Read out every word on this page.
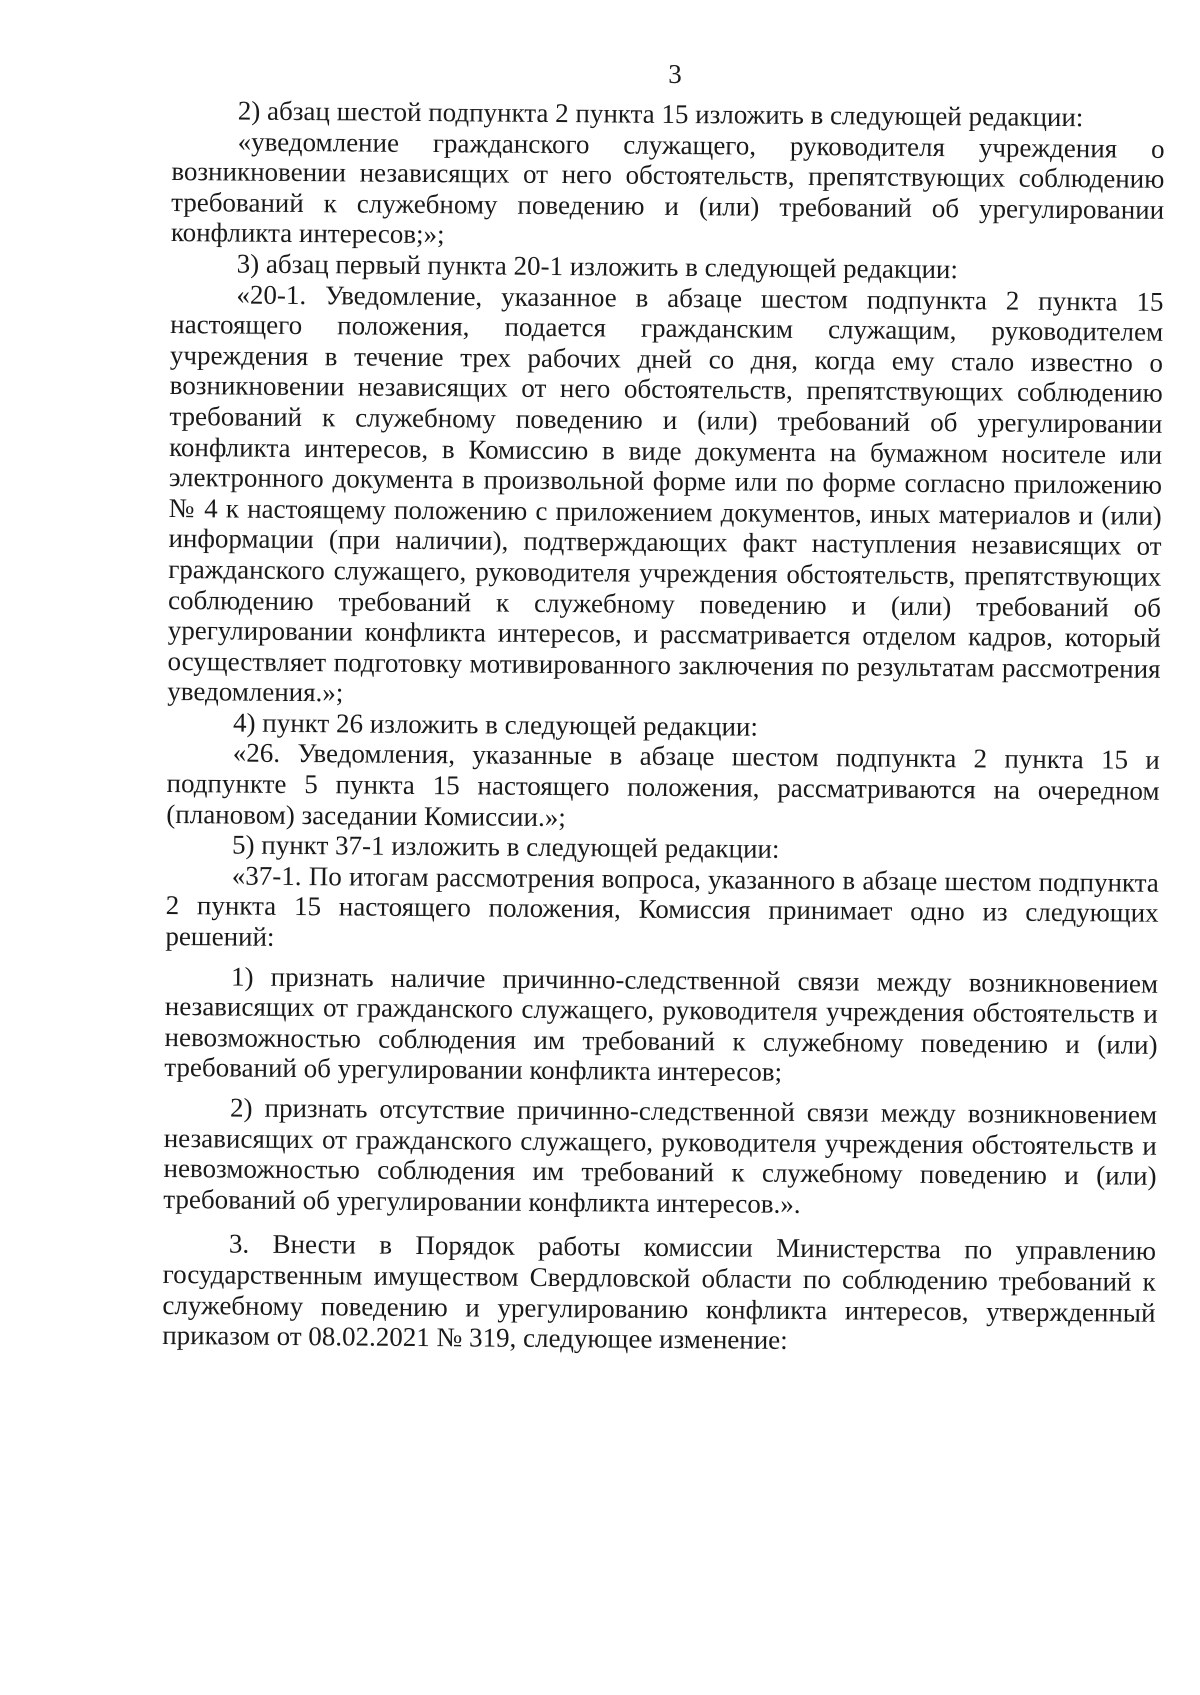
3

2) абзац шестой подпункта 2 пункта 15 изложить в следующей редакции:

«уведомление гражданского служащего, руководителя учреждения о возникновении независящих от него обстоятельств, препятствующих соблюдению требований к служебному поведению и (или) требований об урегулировании конфликта интересов;»;

3) абзац первый пункта 20-1 изложить в следующей редакции:

«20-1. Уведомление, указанное в абзаце шестом подпункта 2 пункта 15 настоящего положения, подается гражданским служащим, руководителем учреждения в течение трех рабочих дней со дня, когда ему стало известно о возникновении независящих от него обстоятельств, препятствующих соблюдению требований к служебному поведению и (или) требований об урегулировании конфликта интересов, в Комиссию в виде документа на бумажном носителе или электронного документа в произвольной форме или по форме согласно приложению № 4 к настоящему положению с приложением документов, иных материалов и (или) информации (при наличии), подтверждающих факт наступления независящих от гражданского служащего, руководителя учреждения обстоятельств, препятствующих соблюдению требований к служебному поведению и (или) требований об урегулировании конфликта интересов, и рассматривается отделом кадров, который осуществляет подготовку мотивированного заключения по результатам рассмотрения уведомления.»;

4) пункт 26 изложить в следующей редакции:

«26. Уведомления, указанные в абзаце шестом подпункта 2 пункта 15 и подпункте 5 пункта 15 настоящего положения, рассматриваются на очередном (плановом) заседании Комиссии.»;

5) пункт 37-1 изложить в следующей редакции:

«37-1. По итогам рассмотрения вопроса, указанного в абзаце шестом подпункта 2 пункта 15 настоящего положения, Комиссия принимает одно из следующих решений:

1) признать наличие причинно-следственной связи между возникновением независящих от гражданского служащего, руководителя учреждения обстоятельств и невозможностью соблюдения им требований к служебному поведению и (или) требований об урегулировании конфликта интересов;

2) признать отсутствие причинно-следственной связи между возникновением независящих от гражданского служащего, руководителя учреждения обстоятельств и невозможностью соблюдения им требований к служебному поведению и (или) требований об урегулировании конфликта интересов.».

3. Внести в Порядок работы комиссии Министерства по управлению государственным имуществом Свердловской области по соблюдению требований к служебному поведению и урегулированию конфликта интересов, утвержденный приказом от 08.02.2021 № 319, следующее изменение:
